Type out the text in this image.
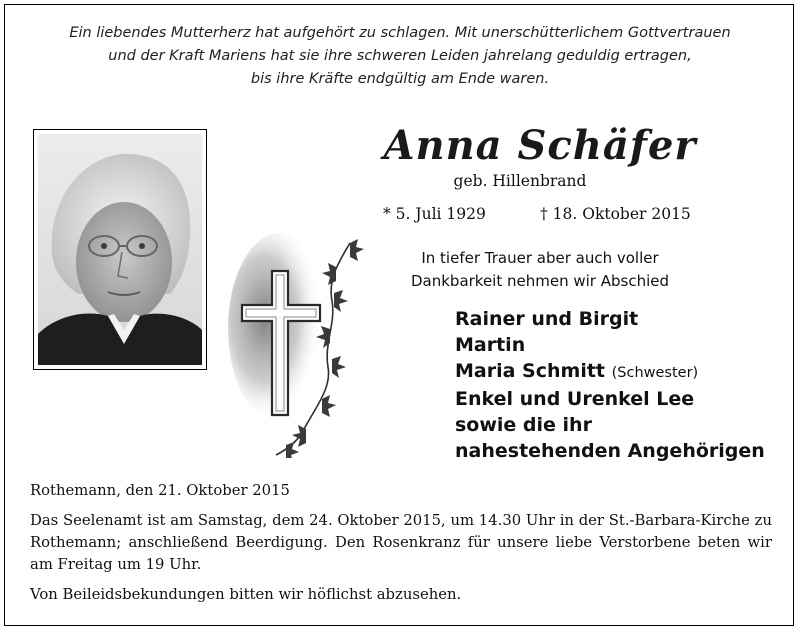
Ein liebendes Mutterherz hat aufgehört zu schlagen. Mit unerschütterlichem Gottvertrauen
und der Kraft Mariens hat sie ihre schweren Leiden jahrelang geduldig ertragen,
bis ihre Kräfte endgültig am Ende waren.
Anna Schäfer
geb. Hillenbrand
* 5. Juli 1929	† 18. Oktober 2015
In tiefer Trauer aber auch voller
Dankbarkeit nehmen wir Abschied
Rainer und Birgit
Martin
Maria Schmitt (Schwester)
Enkel und Urenkel Lee
sowie die ihr
nahestehenden Angehörigen
Rothemann, den 21. Oktober 2015
Das Seelenamt ist am Samstag, dem 24. Oktober 2015, um 14.30 Uhr in der St.-Barbara-Kirche zu Rothemann; anschließend Beerdigung. Den Rosenkranz für unsere liebe Verstorbene beten wir am Freitag um 19 Uhr.
Von Beileidsbekundungen bitten wir höflichst abzusehen.
